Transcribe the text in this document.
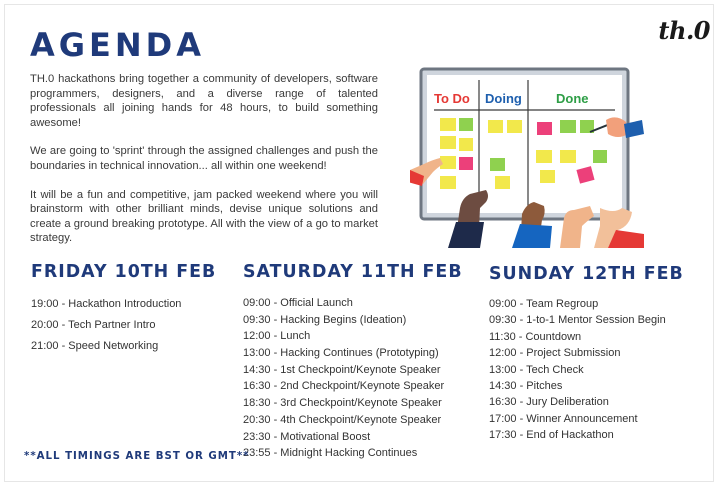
th.0
AGENDA

TH.0 hackathons bring together a community of developers, software programmers, designers, and a diverse range of talented professionals all joining hands for 48 hours, to build something awesome!

We are going to 'sprint' through the assigned challenges and push the boundaries in technical innovation... all within one weekend!

It will be a fun and competitive, jam packed weekend where you will brainstorm with other brilliant minds, devise unique solutions and create a ground breaking prototype. All with the view of a go to market strategy.

To Do Doing	Done
FRIDAY 10TH FEB
19:00 - Hackathon Introduction
20:00 - Tech Partner Intro
21:00 - Speed Networking
SATURDAY 11TH FEB
09:00 - Official Launch
09:30 - Hacking Begins (Ideation)
12:00 - Lunch
13:00 - Hacking Continues (Prototyping)
14:30 - 1st Checkpoint/Keynote Speaker
16:30 - 2nd Checkpoint/Keynote Speaker
18:30 - 3rd Checkpoint/Keynote Speaker
20:30 - 4th Checkpoint/Keynote Speaker
23:30 - Motivational Boost
23:55 - Midnight Hacking Continues
SUNDAY 12TH FEB
09:00 - Team Regroup
09:30 - 1-to-1 Mentor Session Begin
11:30 - Countdown
12:00 - Project Submission
13:00 - Tech Check
14:30 - Pitches
16:30 - Jury Deliberation
17:00 - Winner Announcement
17:30 - End of Hackathon
**ALL TIMINGS ARE BST OR GMT**
